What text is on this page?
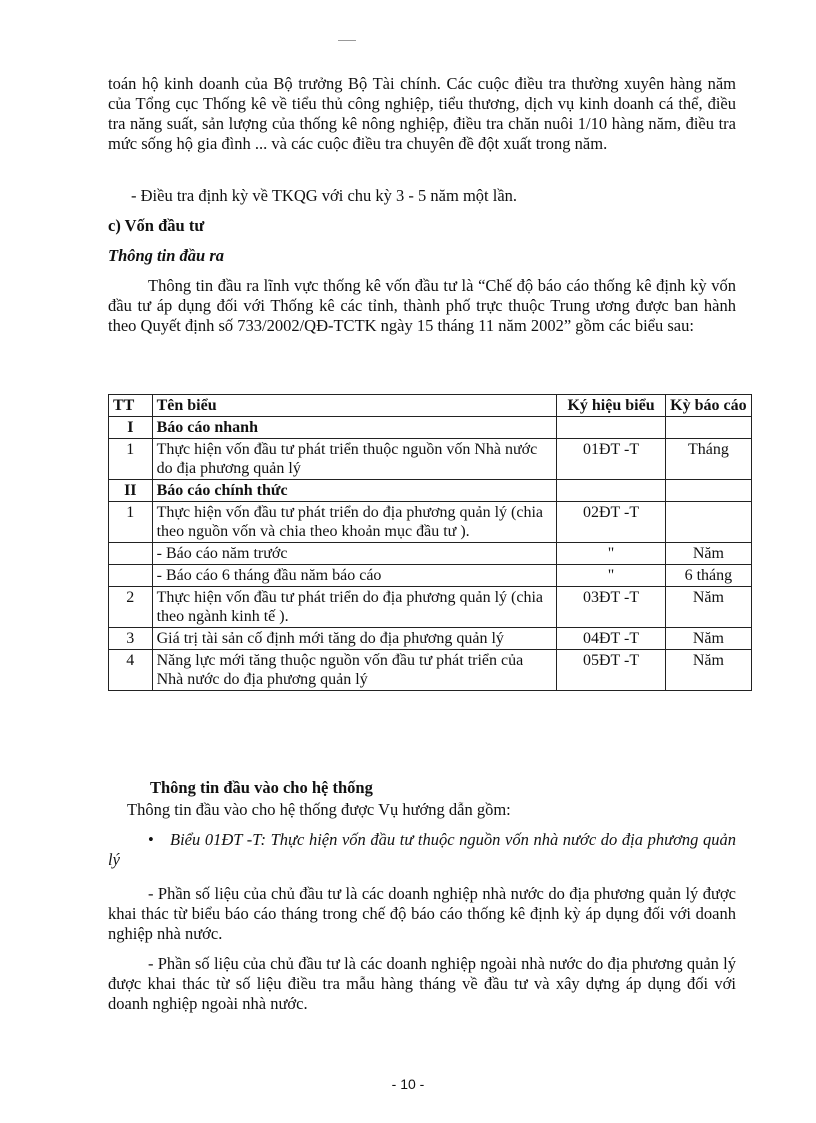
toán hộ kinh doanh của Bộ trưởng Bộ Tài chính. Các cuộc điều tra thường xuyên hàng năm của Tổng cục Thống kê về tiểu thủ công nghiệp, tiểu thương, dịch vụ kinh doanh cá thể, điều tra năng suất, sản lượng của thống kê nông nghiệp, điều tra chăn nuôi 1/10 hàng năm, điều tra mức sống hộ gia đình ... và các cuộc điều tra chuyên đề đột xuất trong năm.
- Điều tra định kỳ về TKQG với chu kỳ 3 - 5 năm một lần.
c) Vốn đầu tư
Thông tin đầu ra
Thông tin đầu ra lĩnh vực thống kê vốn đầu tư là “Chế độ báo cáo thống kê định kỳ vốn đầu tư áp dụng đối với Thống kê các tỉnh, thành phố trực thuộc Trung ương được ban hành theo Quyết định số 733/2002/QĐ-TCTK ngày 15 tháng 11 năm 2002” gồm các biểu sau:
TT	Tên biểu	Ký hiệu biểu	Kỳ báo cáo
I	Báo cáo nhanh		
1	Thực hiện vốn đầu tư phát triển thuộc nguồn vốn Nhà nước do địa phương quản lý	01ĐT -T	Tháng
II	Báo cáo chính thức		
1	Thực hiện vốn đầu tư phát triển do địa phương quản lý (chia theo nguồn vốn và chia theo khoản mục đầu tư ).	02ĐT -T	
	- Báo cáo năm trước	"	Năm
	- Báo cáo 6 tháng đầu năm báo cáo	"	6 tháng
2	Thực hiện vốn đầu tư phát triển do địa phương quản lý (chia theo ngành kinh tế ).	03ĐT -T	Năm
3	Giá trị tài sản cố định mới tăng do địa phương quản lý	04ĐT -T	Năm
4	Năng lực mới tăng thuộc nguồn vốn đầu tư phát triển của Nhà nước do địa phương quản lý	05ĐT -T	Năm
Thông tin đầu vào cho hệ thống
Thông tin đầu vào cho hệ thống được Vụ hướng dẫn gồm:
• Biểu 01ĐT -T: Thực hiện vốn đầu tư thuộc nguồn vốn nhà nước do địa phương quản lý
- Phần số liệu của chủ đầu tư là các doanh nghiệp nhà nước do địa phương quản lý được khai thác từ biểu báo cáo tháng trong chế độ báo cáo thống kê định kỳ áp dụng đối với doanh nghiệp nhà nước.
- Phần số liệu của chủ đầu tư là các doanh nghiệp ngoài nhà nước do địa phương quản lý được khai thác từ số liệu điều tra mẫu hàng tháng về đầu tư và xây dựng áp dụng đối với doanh nghiệp ngoài nhà nước.
- 10 -
